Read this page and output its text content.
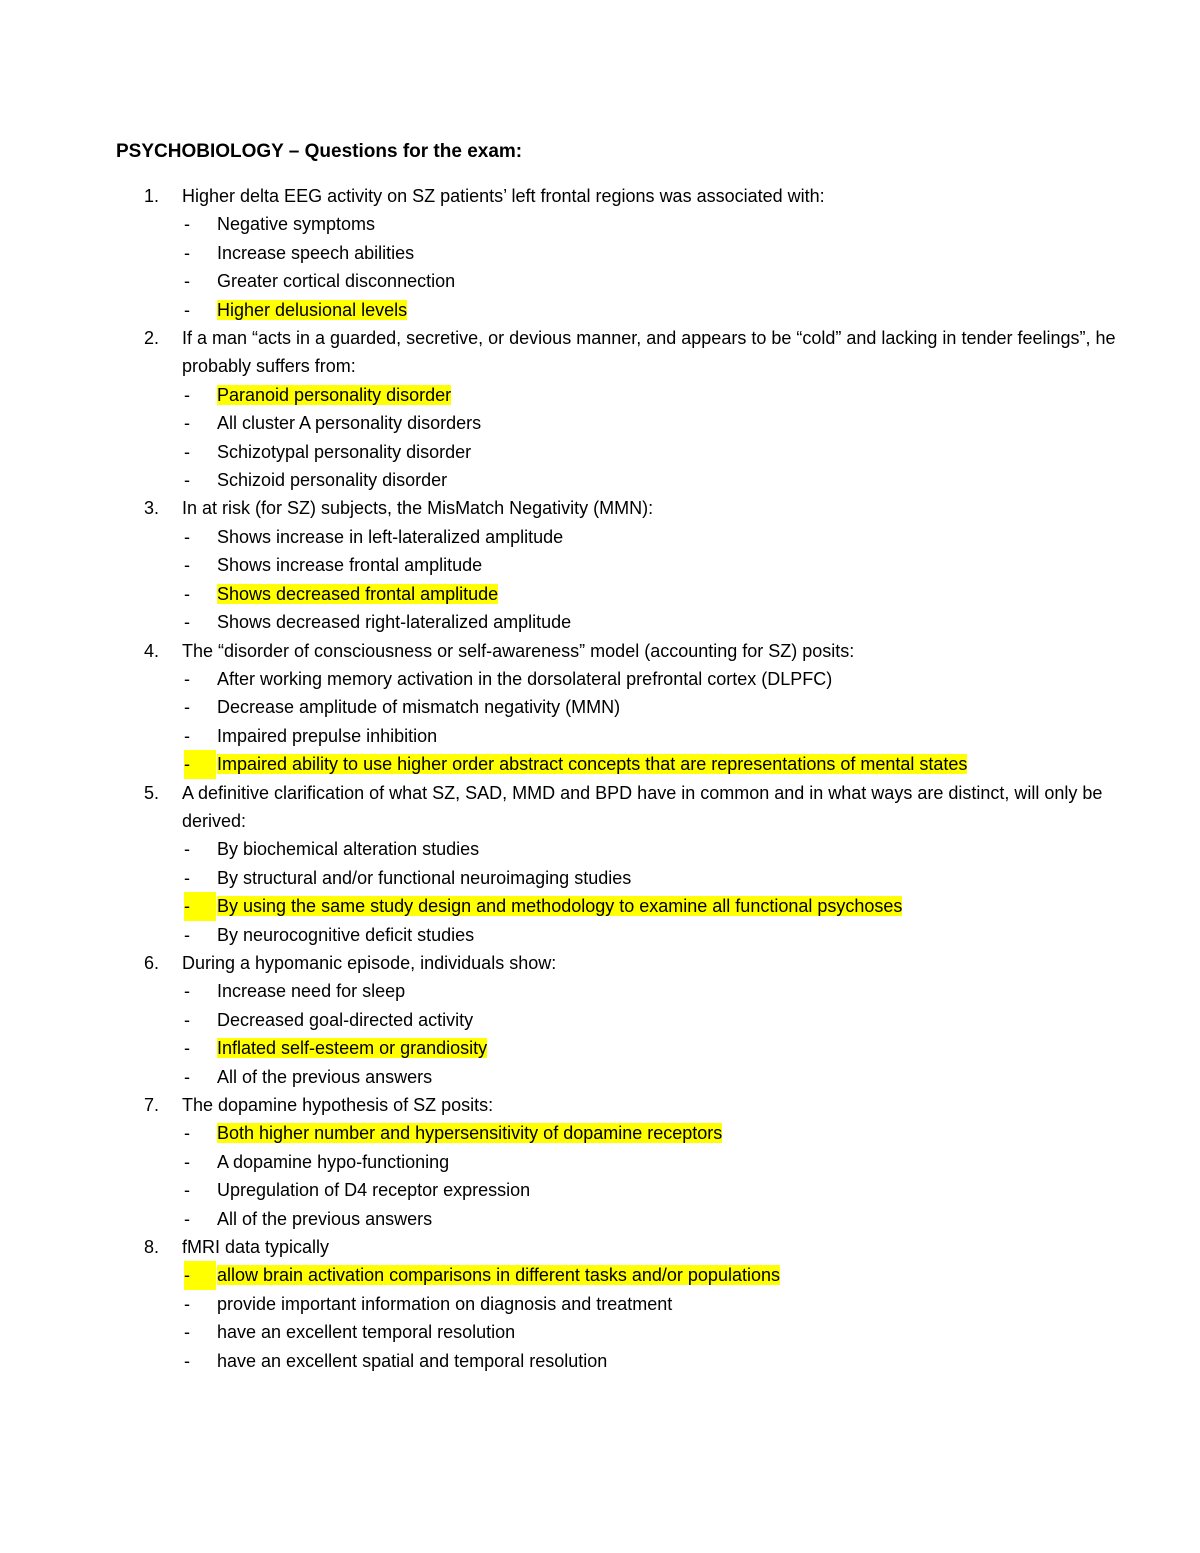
PSYCHOBIOLOGY – Questions for the exam:
1. Higher delta EEG activity on SZ patients’ left frontal regions was associated with:
- Negative symptoms
- Increase speech abilities
- Greater cortical disconnection
- Higher delusional levels
2. If a man “acts in a guarded, secretive, or devious manner, and appears to be “cold” and lacking in tender feelings”, he probably suffers from:
- Paranoid personality disorder
- All cluster A personality disorders
- Schizotypal personality disorder
- Schizoid personality disorder
3. In at risk (for SZ) subjects, the MisMatch Negativity (MMN):
- Shows increase in left-lateralized amplitude
- Shows increase frontal amplitude
- Shows decreased frontal amplitude
- Shows decreased right-lateralized amplitude
4. The “disorder of consciousness or self-awareness” model (accounting for SZ) posits:
- After working memory activation in the dorsolateral prefrontal cortex (DLPFC)
- Decrease amplitude of mismatch negativity (MMN)
- Impaired prepulse inhibition
-	Impaired ability to use higher order abstract concepts that are representations of mental states
5. A definitive clarification of what SZ, SAD, MMD and BPD have in common and in what ways are distinct, will only be derived:
- By biochemical alteration studies
- By structural and/or functional neuroimaging studies
-	By using the same study design and methodology to examine all functional psychoses
- By neurocognitive deficit studies
6. During a hypomanic episode, individuals show:
- Increase need for sleep
- Decreased goal-directed activity
- Inflated self-esteem or grandiosity
- All of the previous answers
7. The dopamine hypothesis of SZ posits:
- Both higher number and hypersensitivity of dopamine receptors
- A dopamine hypo-functioning
- Upregulation of D4 receptor expression
- All of the previous answers
8. fMRI data typically
-	allow brain activation comparisons in different tasks and/or populations
- provide important information on diagnosis and treatment
- have an excellent temporal resolution
- have an excellent spatial and temporal resolution
